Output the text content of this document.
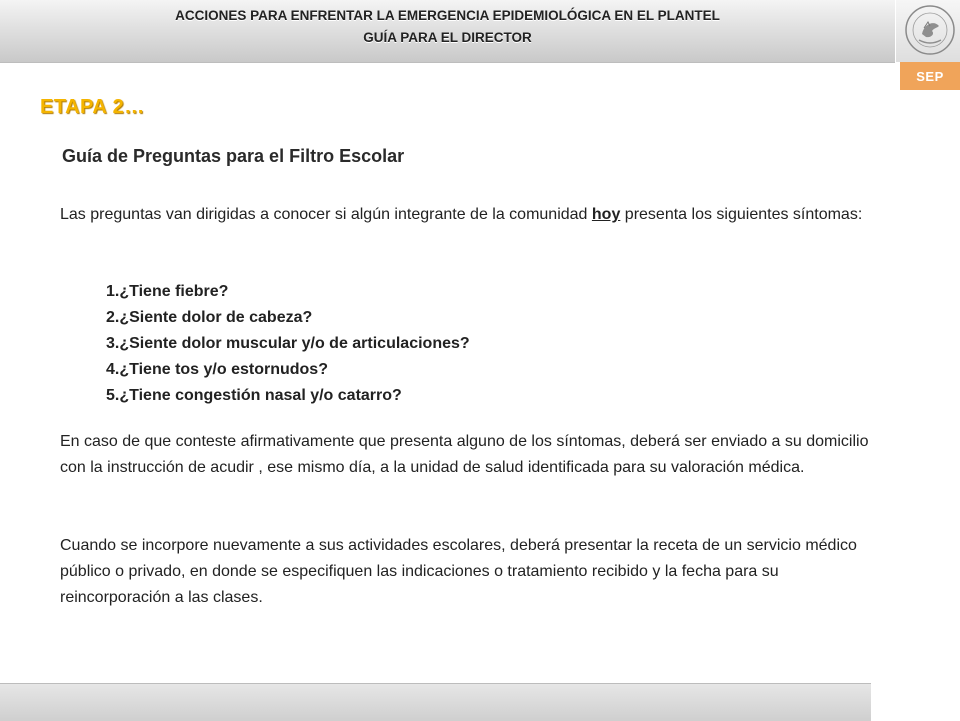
ACCIONES PARA ENFRENTAR LA EMERGENCIA EPIDEMIOLÓGICA EN EL PLANTEL
GUÍA PARA EL DIRECTOR
SEP
ETAPA 2…
Guía de Preguntas para el Filtro Escolar
Las preguntas van dirigidas a conocer si algún integrante de la comunidad hoy presenta los siguientes síntomas:
1.¿Tiene fiebre?
2.¿Siente dolor de cabeza?
3.¿Siente dolor muscular y/o de articulaciones?
4.¿Tiene tos y/o estornudos?
5.¿Tiene congestión nasal y/o catarro?
En caso de que conteste afirmativamente que presenta alguno de los síntomas, deberá ser enviado a su domicilio con la instrucción de acudir , ese mismo día, a la unidad de salud identificada para su valoración médica.
Cuando se incorpore nuevamente a sus actividades escolares, deberá presentar la receta de un servicio médico público o privado, en donde se especifiquen las indicaciones o tratamiento recibido y la fecha para su reincorporación a las clases.
